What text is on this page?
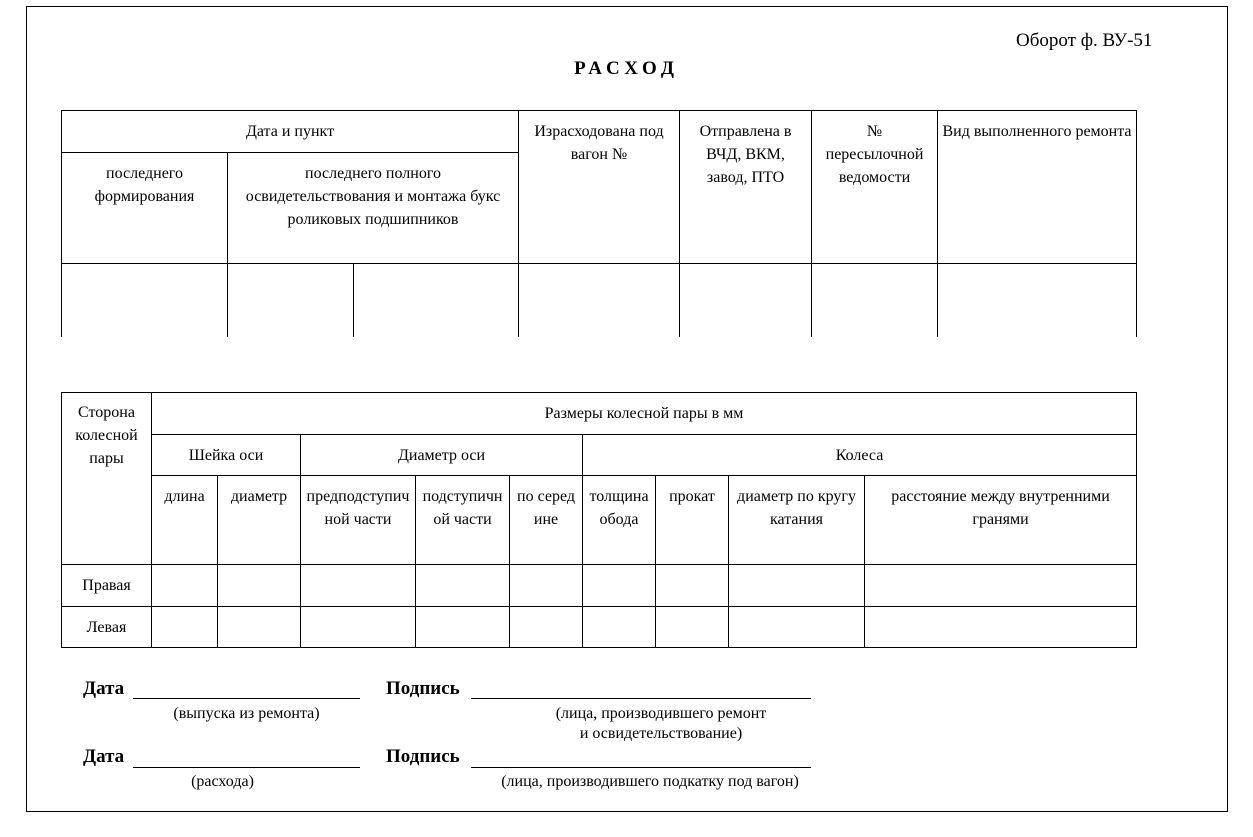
Оборот ф. ВУ-51
РАСХОД
Дата и пункт			Израсходована под вагон №	Отправлена в ВЧД, ВКМ, завод, ПТО	№ пересылочной ведомости	Вид выполненного ремонта
последнего формирования	последнего полного освидетельствования и монтажа букс роликовых подшипников					

Сторона колесной пары	Размеры колесной пары в мм								
	Шейка оси		Диаметр оси			Колеса			
	длина	диаметр	предподступичной части	подступичной части	по середине	толщина обода	прокат	диаметр по кругу катания	расстояние между внутренними гранями
Правая									
Левая									
Дата
(выпуска из ремонта)
Подпись
(лица, производившего ремонт
и освидетельствование)
Дата
(расхода)
Подпись
(лица, производившего подкатку под вагон)
